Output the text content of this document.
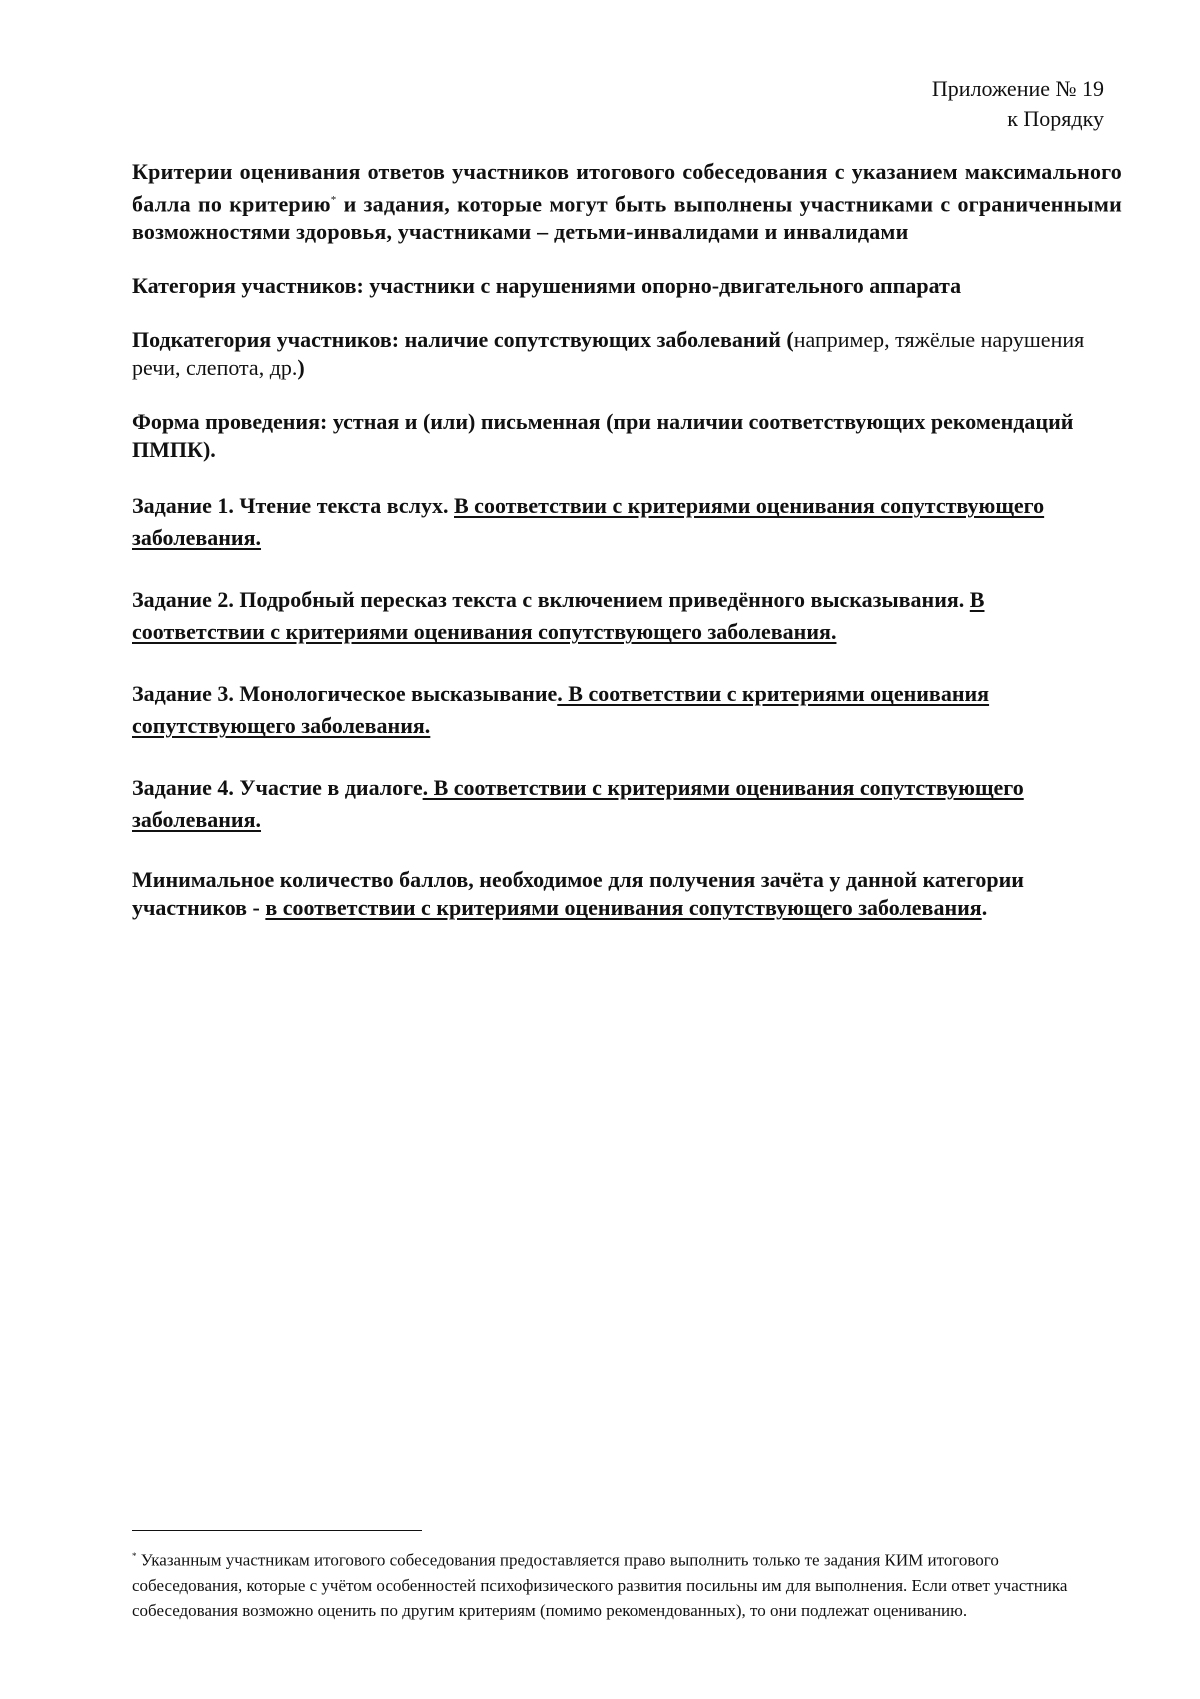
Приложение № 19
к Порядку

Критерии оценивания ответов участников итогового собеседования с указанием максимального балла по критерию* и задания, которые могут быть выполнены участниками с ограниченными возможностями здоровья, участниками – детьми-инвалидами и инвалидами

Категория участников: участники с нарушениями опорно-двигательного аппарата

Подкатегория участников: наличие сопутствующих заболеваний (например, тяжёлые нарушения речи, слепота, др.)

Форма проведения: устная и (или) письменная (при наличии соответствующих рекомендаций ПМПК).

Задание 1. Чтение текста вслух. В соответствии с критериями оценивания сопутствующего заболевания.

Задание 2. Подробный пересказ текста с включением приведённого высказывания. В соответствии с критериями оценивания сопутствующего заболевания.

Задание 3. Монологическое высказывание. В соответствии с критериями оценивания сопутствующего заболевания.

Задание 4. Участие в диалоге. В соответствии с критериями оценивания сопутствующего заболевания.

Минимальное количество баллов, необходимое для получения зачёта у данной категории участников - в соответствии с критериями оценивания сопутствующего заболевания.

* Указанным участникам итогового собеседования предоставляется право выполнить только те задания КИМ итогового собеседования, которые с учётом особенностей психофизического развития посильны им для выполнения. Если ответ участника собеседования возможно оценить по другим критериям (помимо рекомендованных), то они подлежат оцениванию.
